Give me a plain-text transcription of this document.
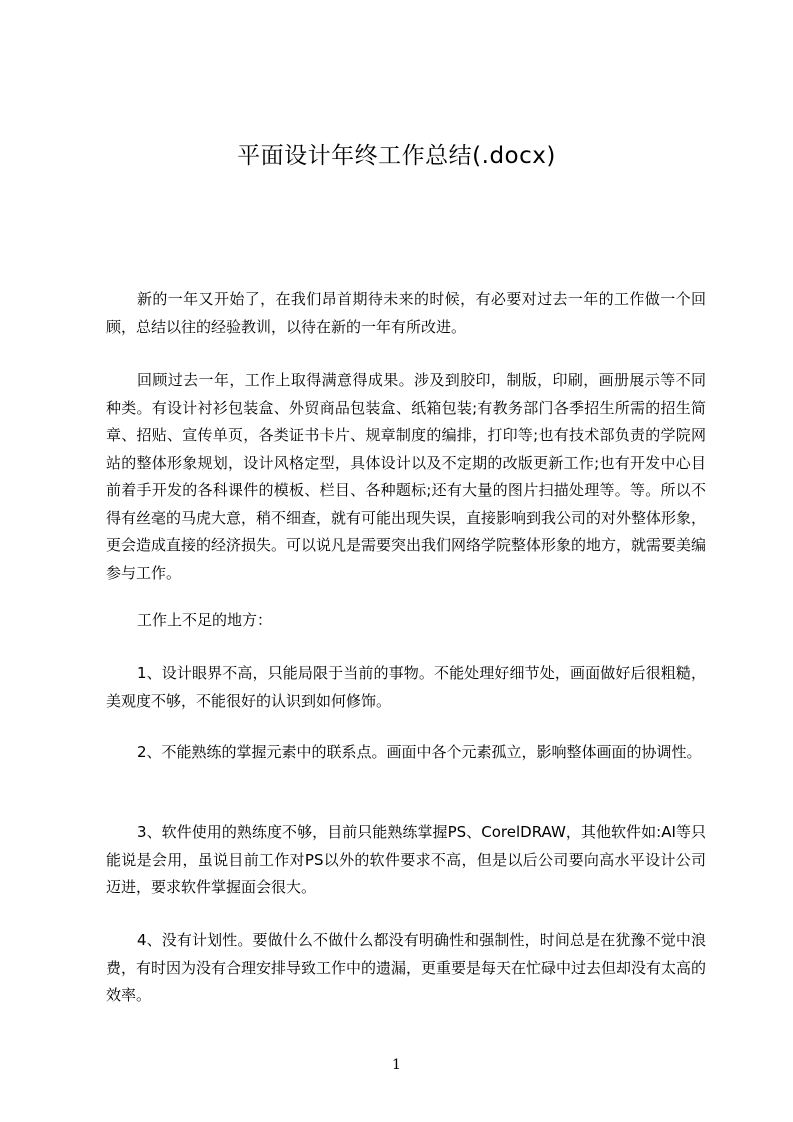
平面设计年终工作总结(.docx)

新的一年又开始了，在我们昂首期待未来的时候，有必要对过去一年的工作做一个回顾，总结以往的经验教训，以待在新的一年有所改进。

回顾过去一年，工作上取得满意得成果。涉及到胶印，制版，印刷，画册展示等不同种类。有设计衬衫包装盒、外贸商品包装盒、纸箱包装;有教务部门各季招生所需的招生简章、招贴、宣传单页，各类证书卡片、规章制度的编排，打印等;也有技术部负责的学院网站的整体形象规划，设计风格定型，具体设计以及不定期的改版更新工作;也有开发中心目前着手开发的各科课件的模板、栏目、各种题标;还有大量的图片扫描处理等。等。所以不得有丝毫的马虎大意，稍不细查，就有可能出现失误，直接影响到我公司的对外整体形象，更会造成直接的经济损失。可以说凡是需要突出我们网络学院整体形象的地方，就需要美编参与工作。

工作上不足的地方：

1、设计眼界不高，只能局限于当前的事物。不能处理好细节处，画面做好后很粗糙，美观度不够，不能很好的认识到如何修饰。

2、不能熟练的掌握元素中的联系点。画面中各个元素孤立，影响整体画面的协调性。

3、软件使用的熟练度不够，目前只能熟练掌握PS、CorelDRAW，其他软件如:AI等只能说是会用，虽说目前工作对PS以外的软件要求不高，但是以后公司要向高水平设计公司迈进，要求软件掌握面会很大。

4、没有计划性。要做什么不做什么都没有明确性和强制性，时间总是在犹豫不觉中浪费，有时因为没有合理安排导致工作中的遗漏，更重要是每天在忙碌中过去但却没有太高的效率。

1
